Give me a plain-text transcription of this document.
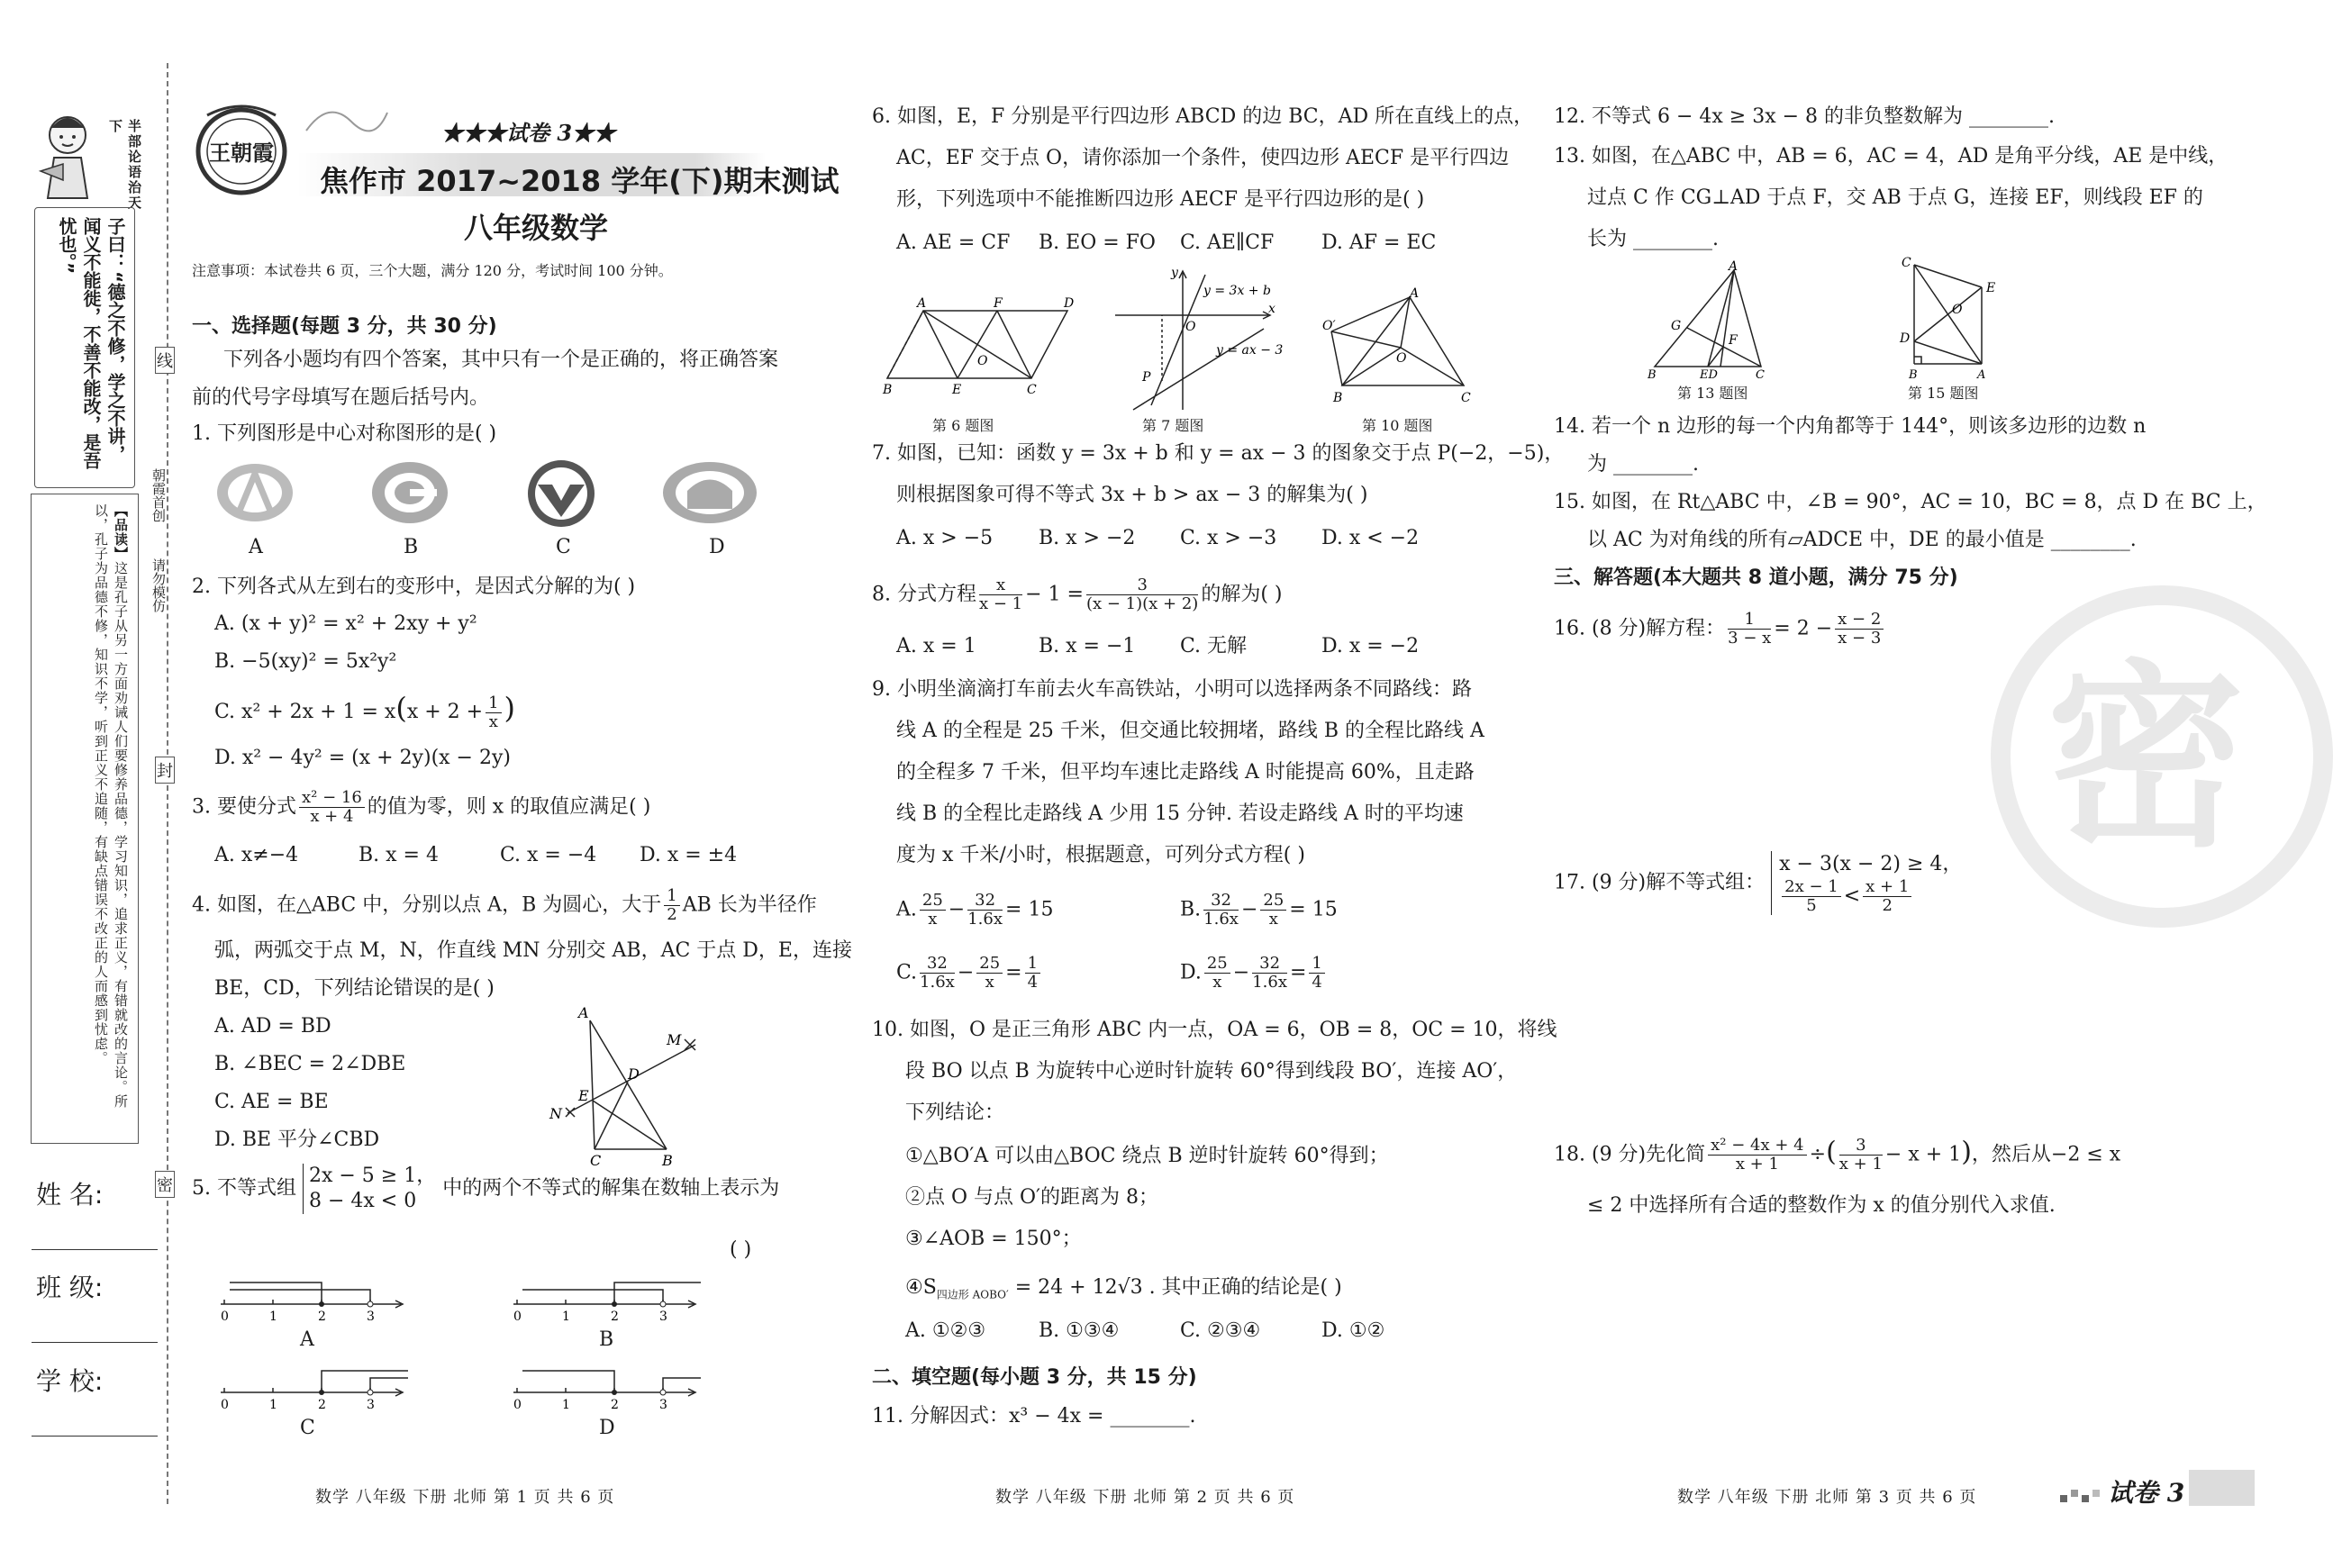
半部论语治天下
子曰：“德之不修，学之不讲，闻义不能徙，不善不能改，是吾忧也。”
【品读】这是孔子从另一方面劝诫人们要修养品德，学习知识，追求正义，有错就改的言论。所以，孔子为品德不修，知识不学，听到正义不追随，有缺点错误不改正的人而感到忧虑。
线
朝霞首创
请勿模仿
封
密
姓 名:
班 级:
学 校:
王朝霞
★★★试卷 3★★
焦作市 2017~2018 学年(下)期末测试
八年级数学
注意事项：本试卷共 6 页，三个大题，满分 120 分，考试时间 100 分钟。
一、选择题(每题 3 分，共 30 分)
下列各小题均有四个答案，其中只有一个是正确的，将正确答案
前的代号字母填写在题后括号内。
1. 下列图形是中心对称图形的是( )
A	B	C	D
2. 下列各式从左到右的变形中，是因式分解的为( )
A. (x + y)² = x² + 2xy + y²
B. −5(xy)² = 5x²y²
C. $x^2 + 2x + 1 = x(x + 2 + \frac{1}{x}$ )
D. x² − 4y² = (x + 2y)(x − 2y)
3. 要使分式 $\frac{\text{x² − 16}}{x + 4}$ 的值为零，则 x 的取值应满足( )
A. x≠−4	B. x = 4	C. x = −4 D. x = ±4
4. 如图，在△ABC 中，分别以点 A，B 为圆心，大于 $\frac{1}{2}$ AB 长为半径作
弧，两弧交于点 M，N，作直线 MN 分别交 AB，AC 于点 D，E，连接
BE，CD，下列结论错误的是( )
A. AD = BD
B. ∠BEC = 2∠DBE
C. AE = BE
D. BE 平分∠CBD
A
M
D
E
N
C	B
5. 不等式组
2x − 5 ≥ 1，
8 − 4x < 0
中的两个不等式的解集在数轴上表示为
( )
0	1	2	3
A
0	1	2	3
B
0	1	2	3
C
0	1	2	3
D
6. 如图，E，F 分别是平行四边形 ABCD 的边 BC，AD 所在直线上的点，
AC，EF 交于点 O，请你添加一个条件，使四边形 AECF 是平行四边
形，下列选项中不能推断四边形 AECF 是平行四边形的是( )
A. AE = CF B. EO = FO C. AE∥CF D. AF = EC
A	F	D
O
B	E	C
第 6 题图
y
x
O
P
y = 3x + b
y = ax − 3
第 7 题图
A
O′
O
B	C
第 10 题图
7. 如图，已知：函数 y = 3x + b 和 y = ax − 3 的图象交于点 P(−2，−5)，
则根据图象可得不等式 3x + b > ax − 3 的解集为( )
A. x > −5 B. x > −2 C. x > −3 D. x < −2
8. 分式方程 $\frac{x}{x - 1} - 1 = \frac{3}{(x - 1)(x + 2)}$ 的解为( )
A. x = 1	B. x = −1 C. 无解	D. x = −2
9. 小明坐滴滴打车前去火车高铁站，小明可以选择两条不同路线：路
线 A 的全程是 25 千米，但交通比较拥堵，路线 B 的全程比路线 A
的全程多 7 千米，但平均车速比走路线 A 时能提高 60%，且走路
线 B 的全程比走路线 A 少用 15 分钟. 若设走路线 A 时的平均速
度为 x 千米/小时，根据题意，可列分式方程( )
A. $\frac{25}{x} - \frac{32}{1.6x} = 15$	B. $\frac{32}{1.6x} - \frac{25}{x} = 15$
C. $\frac{32}{1.6x} - \frac{25}{x} = \frac{1}{4}$	D. $\frac{25}{x} - \frac{32}{1.6x} = \frac{1}{4}$
10. 如图，O 是正三角形 ABC 内一点，OA = 6，OB = 8，OC = 10，将线
段 BO 以点 B 为旋转中心逆时针旋转 60°得到线段 BO′，连接 AO′，
下列结论：
①△BO′A 可以由△BOC 绕点 B 逆时针旋转 60°得到；
②点 O 与点 O′的距离为 8；
③∠AOB = 150°；
$④S_{四边形 AOBO'} = 24 + 12√3$ . 其中正确的结论是( )
A. ①②③	B. ①③④	C. ②③④	D. ①②
二、填空题(每小题 3 分，共 15 分)
11. 分解因式：x³ − 4x = ________.
密
12. 不等式 6 − 4x ≥ 3x − 8 的非负整数解为 ________.
13. 如图，在△ABC 中，AB = 6，AC = 4，AD 是角平分线，AE 是中线，
过点 C 作 CG⊥AD 于点 F，交 AB 于点 G，连接 EF，则线段 EF 的
长为 ________.
A
G
F
B	ED	C
第 13 题图
C
E
O
D
B	A
第 15 题图
14. 若一个 n 边形的每一个内角都等于 144°，则该多边形的边数 n
为 ________.
15. 如图，在 Rt△ABC 中，∠B = 90°，AC = 10，BC = 8，点 D 在 BC 上，
以 AC 为对角线的所有▱ADCE 中，DE 的最小值是 ________.
三、解答题(本大题共 8 道小题，满分 75 分)
16. (8 分)解方程： $\frac{1}{3 - x} = 2 - \frac{x - 2}{x - 3}$
17. (9 分)解不等式组：
x − 3(x − 2) ≥ 4，
$\frac{2x - 1}{5} < \frac{x + 1}{2}$
18. (9 分)先化简 $\frac{\text{x² − 4x + 4}}{x + 1}$ ÷( $\frac{3}{x + 1} - x + 1$)，然后从−2 ≤ x
≤ 2 中选择所有合适的整数作为 x 的值分别代入求值.
数学 八年级 下册 北师 第 1 页 共 6 页	数学 八年级 下册 北师 第 2 页 共 6 页	数学 八年级 下册 北师 第 3 页 共 6 页	试卷 3
